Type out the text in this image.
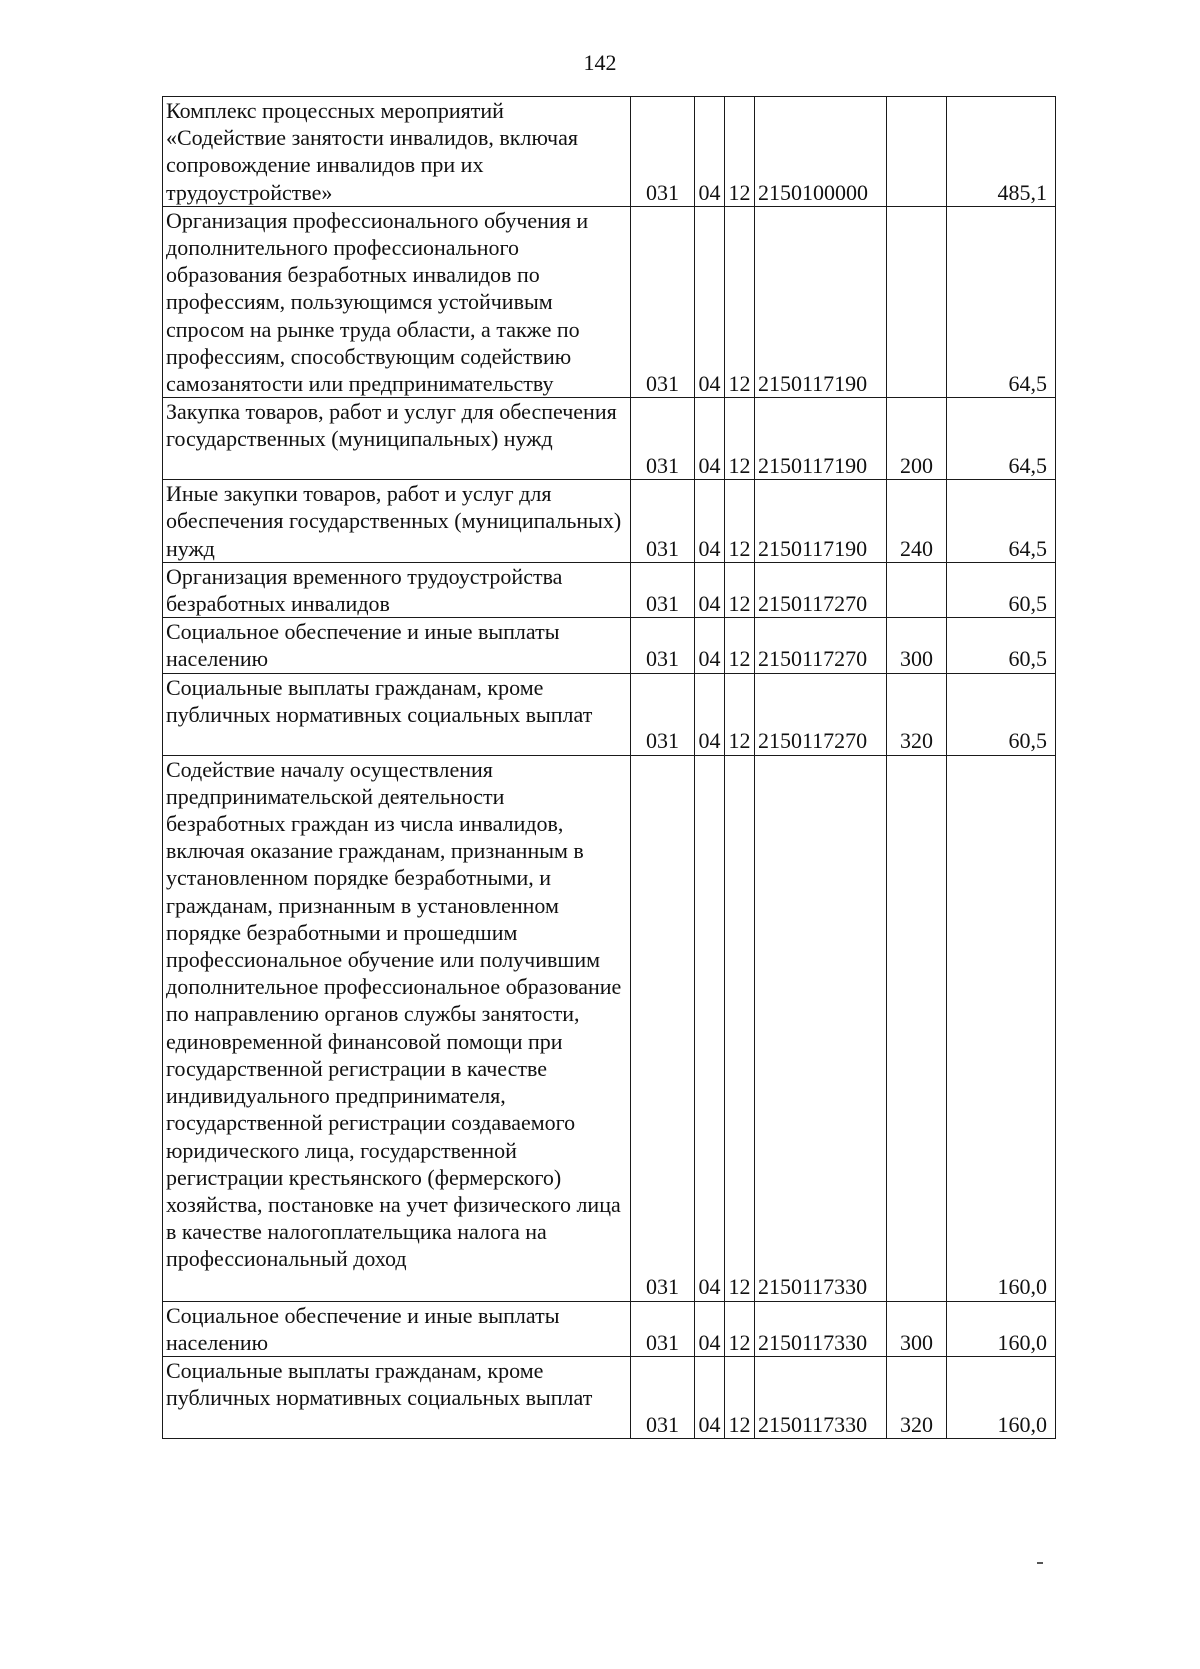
142
Комплекс процессных мероприятий «Содействие занятости инвалидов, включая сопровождение инвалидов при их трудоустройстве»	031	04	12	2150100000		485,1
Организация профессионального обучения и дополнительного профессионального образования безработных инвалидов по профессиям, пользующимся устойчивым спросом на рынке труда области, а также по профессиям, способствующим содействию самозанятости или предпринимательству	031	04	12	2150117190		64,5
Закупка товаров, работ и услуг для обеспечения государственных (муниципальных) нужд	031	04	12	2150117190	200	64,5
Иные закупки товаров, работ и услуг для обеспечения государственных (муниципальных) нужд	031	04	12	2150117190	240	64,5
Организация временного трудоустройства безработных инвалидов	031	04	12	2150117270		60,5
Социальное обеспечение и иные выплаты населению	031	04	12	2150117270	300	60,5
Социальные выплаты гражданам, кроме публичных нормативных социальных выплат	031	04	12	2150117270	320	60,5
Содействие началу осуществления предпринимательской деятельности безработных граждан из числа инвалидов, включая оказание гражданам, признанным в установленном порядке безработными, и гражданам, признанным в установленном порядке безработными и прошедшим профессиональное обучение или получившим дополнительное профессиональное образование по направлению органов службы занятости, единовременной финансовой помощи при государственной регистрации в качестве индивидуального предпринимателя, государственной регистрации создаваемого юридического лица, государственной регистрации крестьянского (фермерского) хозяйства, постановке на учет физического лица в качестве налогоплательщика налога на профессиональный доход	031	04	12	2150117330		160,0
Социальное обеспечение и иные выплаты населению	031	04	12	2150117330	300	160,0
Социальные выплаты гражданам, кроме публичных нормативных социальных выплат	031	04	12	2150117330	320	160,0
